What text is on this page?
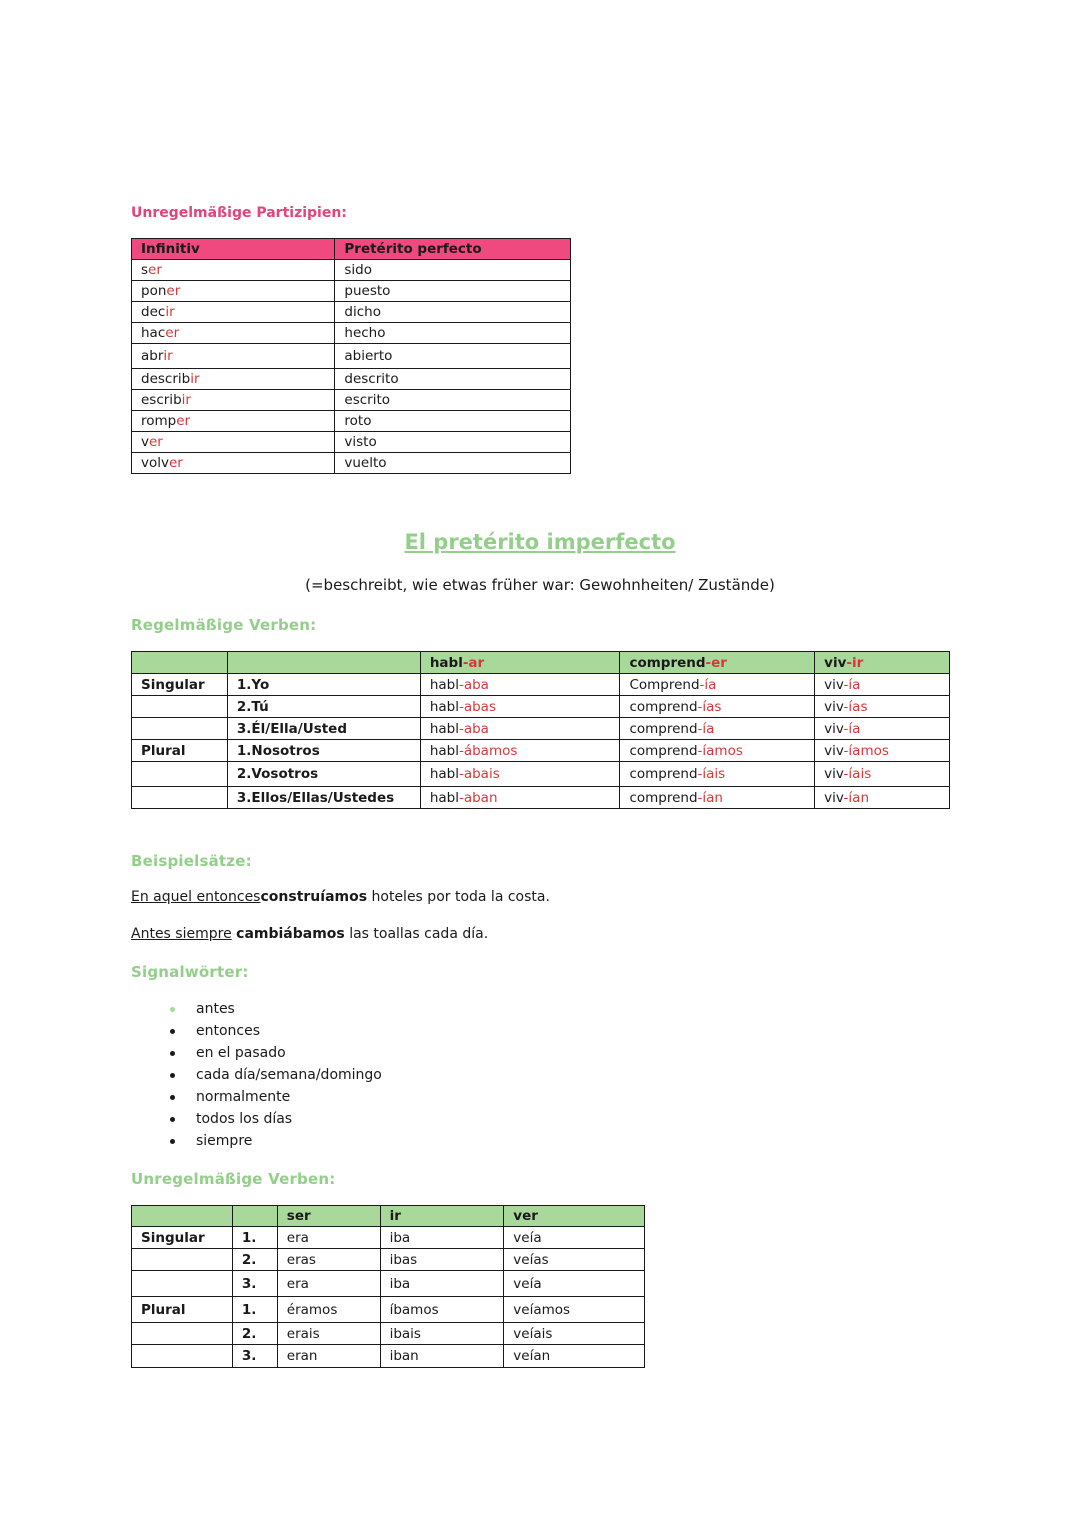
Unregelmäßige Partizipien:
Infinitiv	Pretérito perfecto
ser	sido
poner	puesto
decir	dicho
hacer	hecho
abrir	abierto
describir	descrito
escribir	escrito
romper	roto
ver	visto
volver	vuelto
El pretérito imperfecto
(=beschreibt, wie etwas früher war: Gewohnheiten/ Zustände)
Regelmäßige Verben:
		habl-ar	comprend-er	viv-ir
Singular	1.Yo	habl-aba	Comprend-ía	viv-ía
	2.Tú	habl-abas	comprend-ías	viv-ías
	3.Él/Ella/Usted	habl-aba	comprend-ía	viv-ía
Plural	1.Nosotros	habl-ábamos	comprend-íamos	viv-íamos
	2.Vosotros	habl-abais	comprend-íais	viv-íais
	3.Ellos/Ellas/Ustedes	habl-aban	comprend-ían	viv-ían
Beispielsätze:
En aquel entoncesconstruíamos hoteles por toda la costa.
Antes siempre cambiábamos las toallas cada día.
Signalwörter:
antes
entonces
en el pasado
cada día/semana/domingo
normalmente
todos los días
siempre
Unregelmäßige Verben:
		ser	ir	ver
Singular	1.	era	iba	veía
	2.	eras	ibas	veías
	3.	era	iba	veía
Plural	1.	éramos	íbamos	veíamos
	2.	erais	ibais	veíais
	3.	eran	iban	veían
